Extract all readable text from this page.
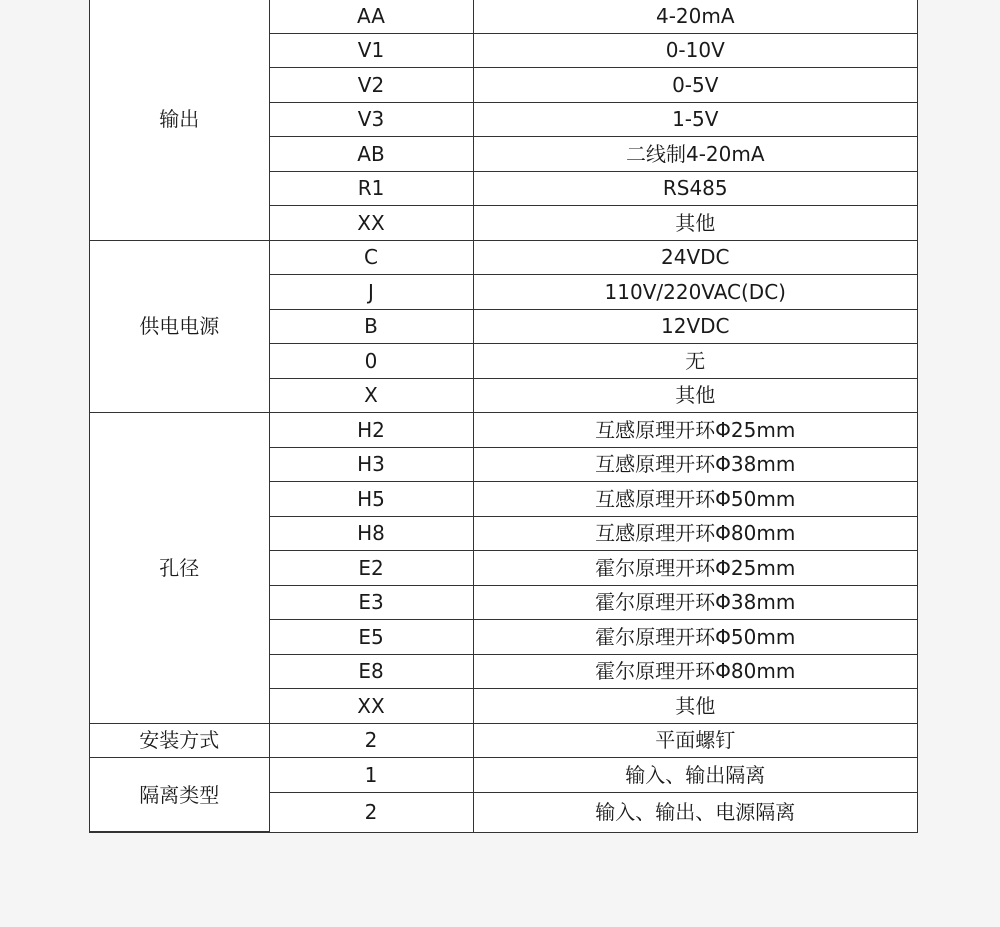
输出	AA	4-20mA
	V1	0-10V
	V2	0-5V
	V3	1-5V
	AB	二线制4-20mA
	R1	RS485
	XX	其他
供电电源	C	24VDC
	J	110V/220VAC(DC)
	B	12VDC
	0	无
	X	其他
孔径	H2	互感原理开环Φ25mm
	H3	互感原理开环Φ38mm
	H5	互感原理开环Φ50mm
	H8	互感原理开环Φ80mm
	E2	霍尔原理开环Φ25mm
	E3	霍尔原理开环Φ38mm
	E5	霍尔原理开环Φ50mm
	E8	霍尔原理开环Φ80mm
	XX	其他
安装方式	2	平面螺钉
隔离类型	1	输入、输出隔离
	2	输入、输出、电源隔离
